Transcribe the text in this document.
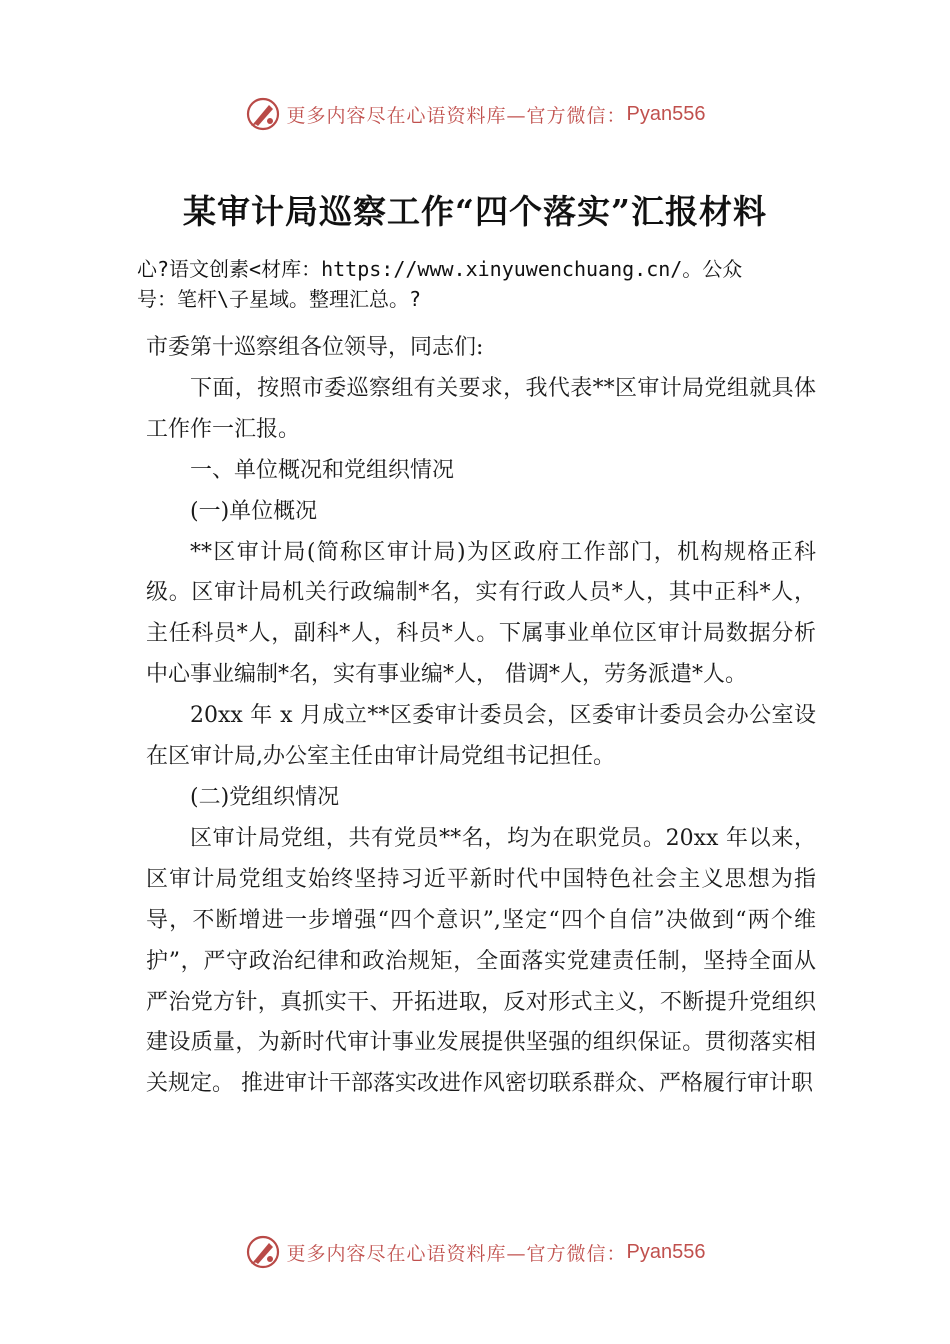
更多内容尽在心语资料库—官方微信： Pyan556
某审计局巡察工作“四个落实”汇报材料
心?语文创素<材库：https://www.xinyuwenchuang.cn/。公众
号：笔杆\子星域。整理汇总。?

市委第十巡察组各位领导，同志们:

下面，按照市委巡察组有关要求，我代表**区审计局党组就具体工作作一汇报。

一、单位概况和党组织情况

(一)单位概况

**区审计局(简称区审计局)为区政府工作部门，机构规格正科级。区审计局机关行政编制*名，实有行政人员*人，其中正科*人，主任科员*人，副科*人，科员*人。下属事业单位区审计局数据分析中心事业编制*名，实有事业编*人， 借调*人，劳务派遣*人。

20xx 年 x 月成立**区委审计委员会，区委审计委员会办公室设在区审计局,办公室主任由审计局党组书记担任。

(二)党组织情况

区审计局党组，共有党员**名，均为在职党员。20xx 年以来，区审计局党组支始终坚持习近平新时代中国特色社会主义思想为指导，不断增进一步增强“四个意识”,坚定“四个自信”决做到“两个维护”，严守政治纪律和政治规矩，全面落实党建责任制，坚持全面从严治党方针，真抓实干、开拓进取，反对形式主义，不断提升党组织建设质量，为新时代审计事业发展提供坚强的组织保证。贯彻落实相关规定。 推进审计干部落实改进作风密切联系群众、严格履行审计职

更多内容尽在心语资料库—官方微信： Pyan556
